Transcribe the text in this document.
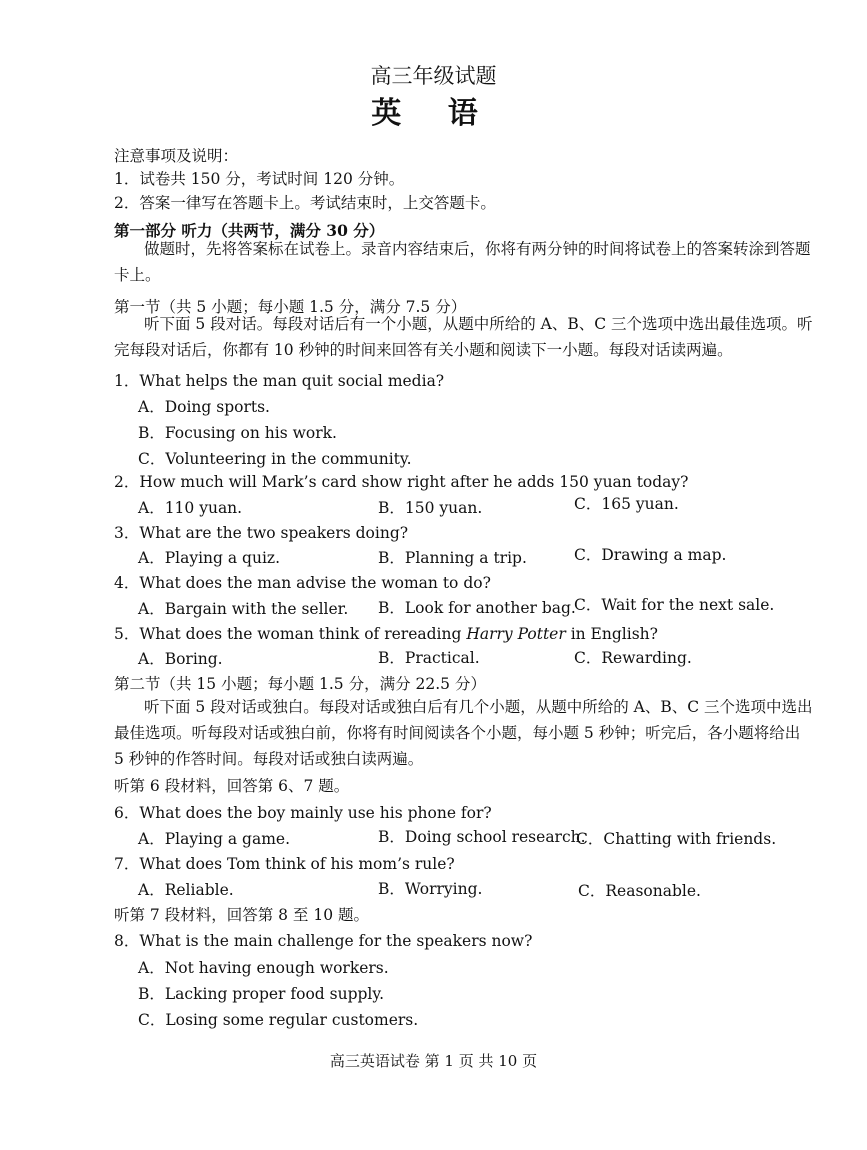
高三年级试题
英 语
注意事项及说明：
1．试卷共 150 分，考试时间 120 分钟。
2．答案一律写在答题卡上。考试结束时，上交答题卡。
第一部分 听力（共两节，满分 30 分）
做题时，先将答案标在试卷上。录音内容结束后，你将有两分钟的时间将试卷上的答案转涂到答题卡上。
第一节（共 5 小题；每小题 1.5 分，满分 7.5 分）
听下面 5 段对话。每段对话后有一个小题，从题中所给的 A、B、C 三个选项中选出最佳选项。听完每段对话后，你都有 10 秒钟的时间来回答有关小题和阅读下一小题。每段对话读两遍。
1．What helps the man quit social media?
A．Doing sports.
B．Focusing on his work.
C．Volunteering in the community.
2．How much will Mark’s card show right after he adds 150 yuan today?
A．110 yuan.	B．150 yuan.	C．165 yuan.
3．What are the two speakers doing?
A．Playing a quiz.	B．Planning a trip.	C．Drawing a map.
4．What does the man advise the woman to do?
A．Bargain with the seller. B．Look for another bag.
C．Wait for the next sale.
5．What does the woman think of rereading Harry Potter in English?
A．Boring.	B．Practical.	C．Rewarding.
第二节（共 15 小题；每小题 1.5 分，满分 22.5 分）
听下面 5 段对话或独白。每段对话或独白后有几个小题，从题中所给的 A、B、C 三个选项中选出最佳选项。听每段对话或独白前，你将有时间阅读各个小题，每小题 5 秒钟；听完后，各小题将给出 5 秒钟的作答时间。每段对话或独白读两遍。
听第 6 段材料，回答第 6、7 题。
6．What does the boy mainly use his phone for?
A．Playing a game.	B．Doing school research.
C．Chatting with friends.
7．What does Tom think of his mom’s rule?
A．Reliable.	B．Worrying.	C．Reasonable.
听第 7 段材料，回答第 8 至 10 题。
8．What is the main challenge for the speakers now?
A．Not having enough workers.
B．Lacking proper food supply.
C．Losing some regular customers.
高三英语试卷 第 1 页 共 10 页
